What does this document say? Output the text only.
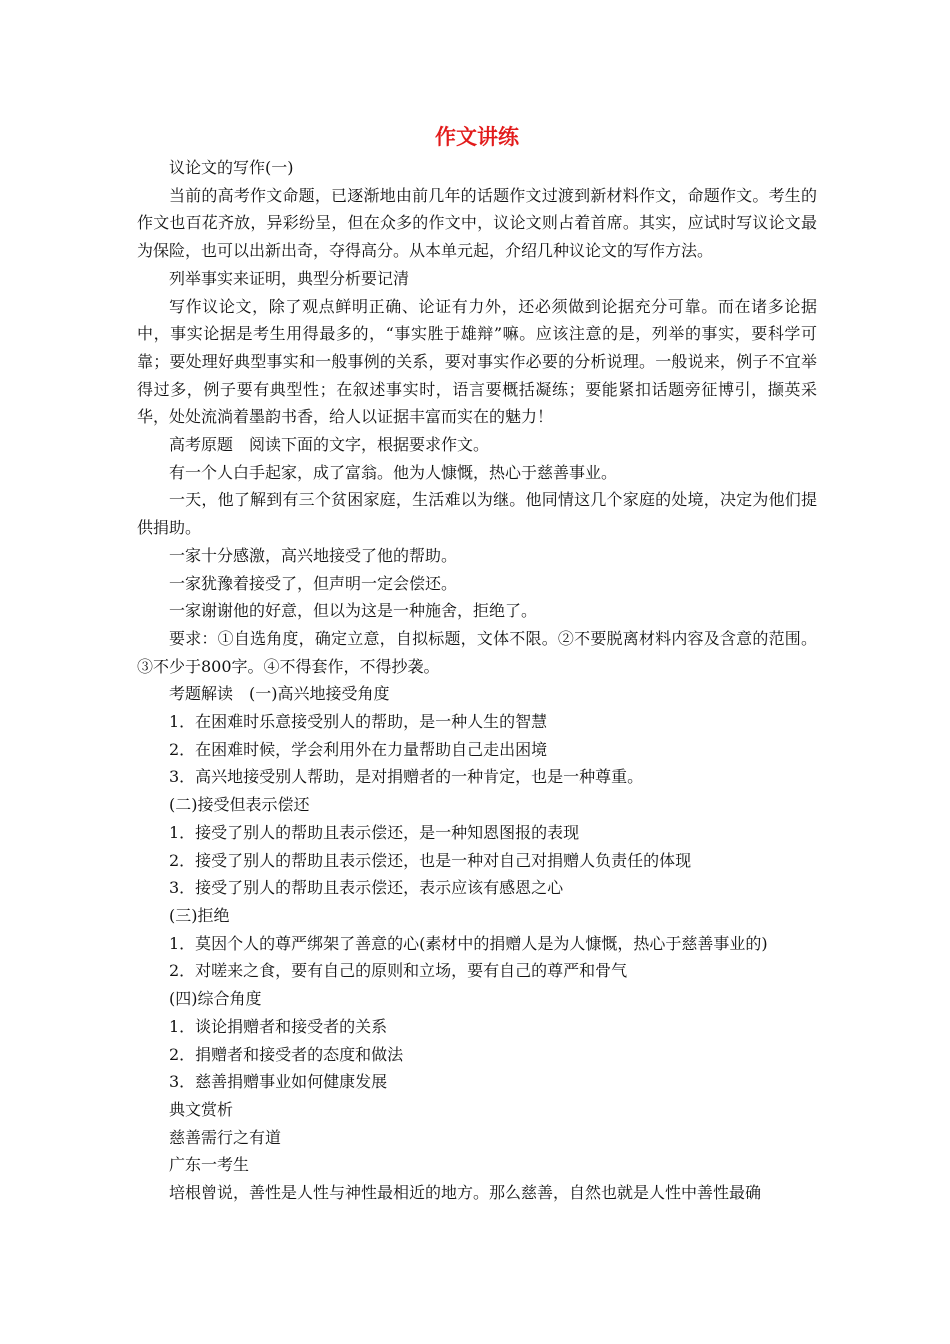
作文讲练

议论文的写作(一)

当前的高考作文命题，已逐渐地由前几年的话题作文过渡到新材料作文，命题作文。考生的作文也百花齐放，异彩纷呈，但在众多的作文中，议论文则占着首席。其实，应试时写议论文最为保险，也可以出新出奇，夺得高分。从本单元起，介绍几种议论文的写作方法。

列举事实来证明，典型分析要记清

写作议论文，除了观点鲜明正确、论证有力外，还必须做到论据充分可靠。而在诸多论据中，事实论据是考生用得最多的，“事实胜于雄辩”嘛。应该注意的是，列举的事实，要科学可靠；要处理好典型事实和一般事例的关系，要对事实作必要的分析说理。一般说来，例子不宜举得过多，例子要有典型性；在叙述事实时，语言要概括凝练；要能紧扣话题旁征博引，撷英采华，处处流淌着墨韵书香，给人以证据丰富而实在的魅力！

高考原题　阅读下面的文字，根据要求作文。

有一个人白手起家，成了富翁。他为人慷慨，热心于慈善事业。

一天，他了解到有三个贫困家庭，生活难以为继。他同情这几个家庭的处境，决定为他们提供捐助。

一家十分感激，高兴地接受了他的帮助。

一家犹豫着接受了，但声明一定会偿还。

一家谢谢他的好意，但以为这是一种施舍，拒绝了。

要求：①自选角度，确定立意，自拟标题，文体不限。②不要脱离材料内容及含意的范围。③不少于800字。④不得套作，不得抄袭。

考题解读　(一)高兴地接受角度

1．在困难时乐意接受别人的帮助，是一种人生的智慧

2．在困难时候，学会利用外在力量帮助自己走出困境

3．高兴地接受别人帮助，是对捐赠者的一种肯定，也是一种尊重。

(二)接受但表示偿还

1．接受了别人的帮助且表示偿还，是一种知恩图报的表现

2．接受了别人的帮助且表示偿还，也是一种对自己对捐赠人负责任的体现

3．接受了别人的帮助且表示偿还，表示应该有感恩之心

(三)拒绝

1．莫因个人的尊严绑架了善意的心(素材中的捐赠人是为人慷慨，热心于慈善事业的)

2．对嗟来之食，要有自己的原则和立场，要有自己的尊严和骨气

(四)综合角度

1．谈论捐赠者和接受者的关系

2．捐赠者和接受者的态度和做法

3．慈善捐赠事业如何健康发展

典文赏析

慈善需行之有道

广东一考生

培根曾说，善性是人性与神性最相近的地方。那么慈善，自然也就是人性中善性最确
